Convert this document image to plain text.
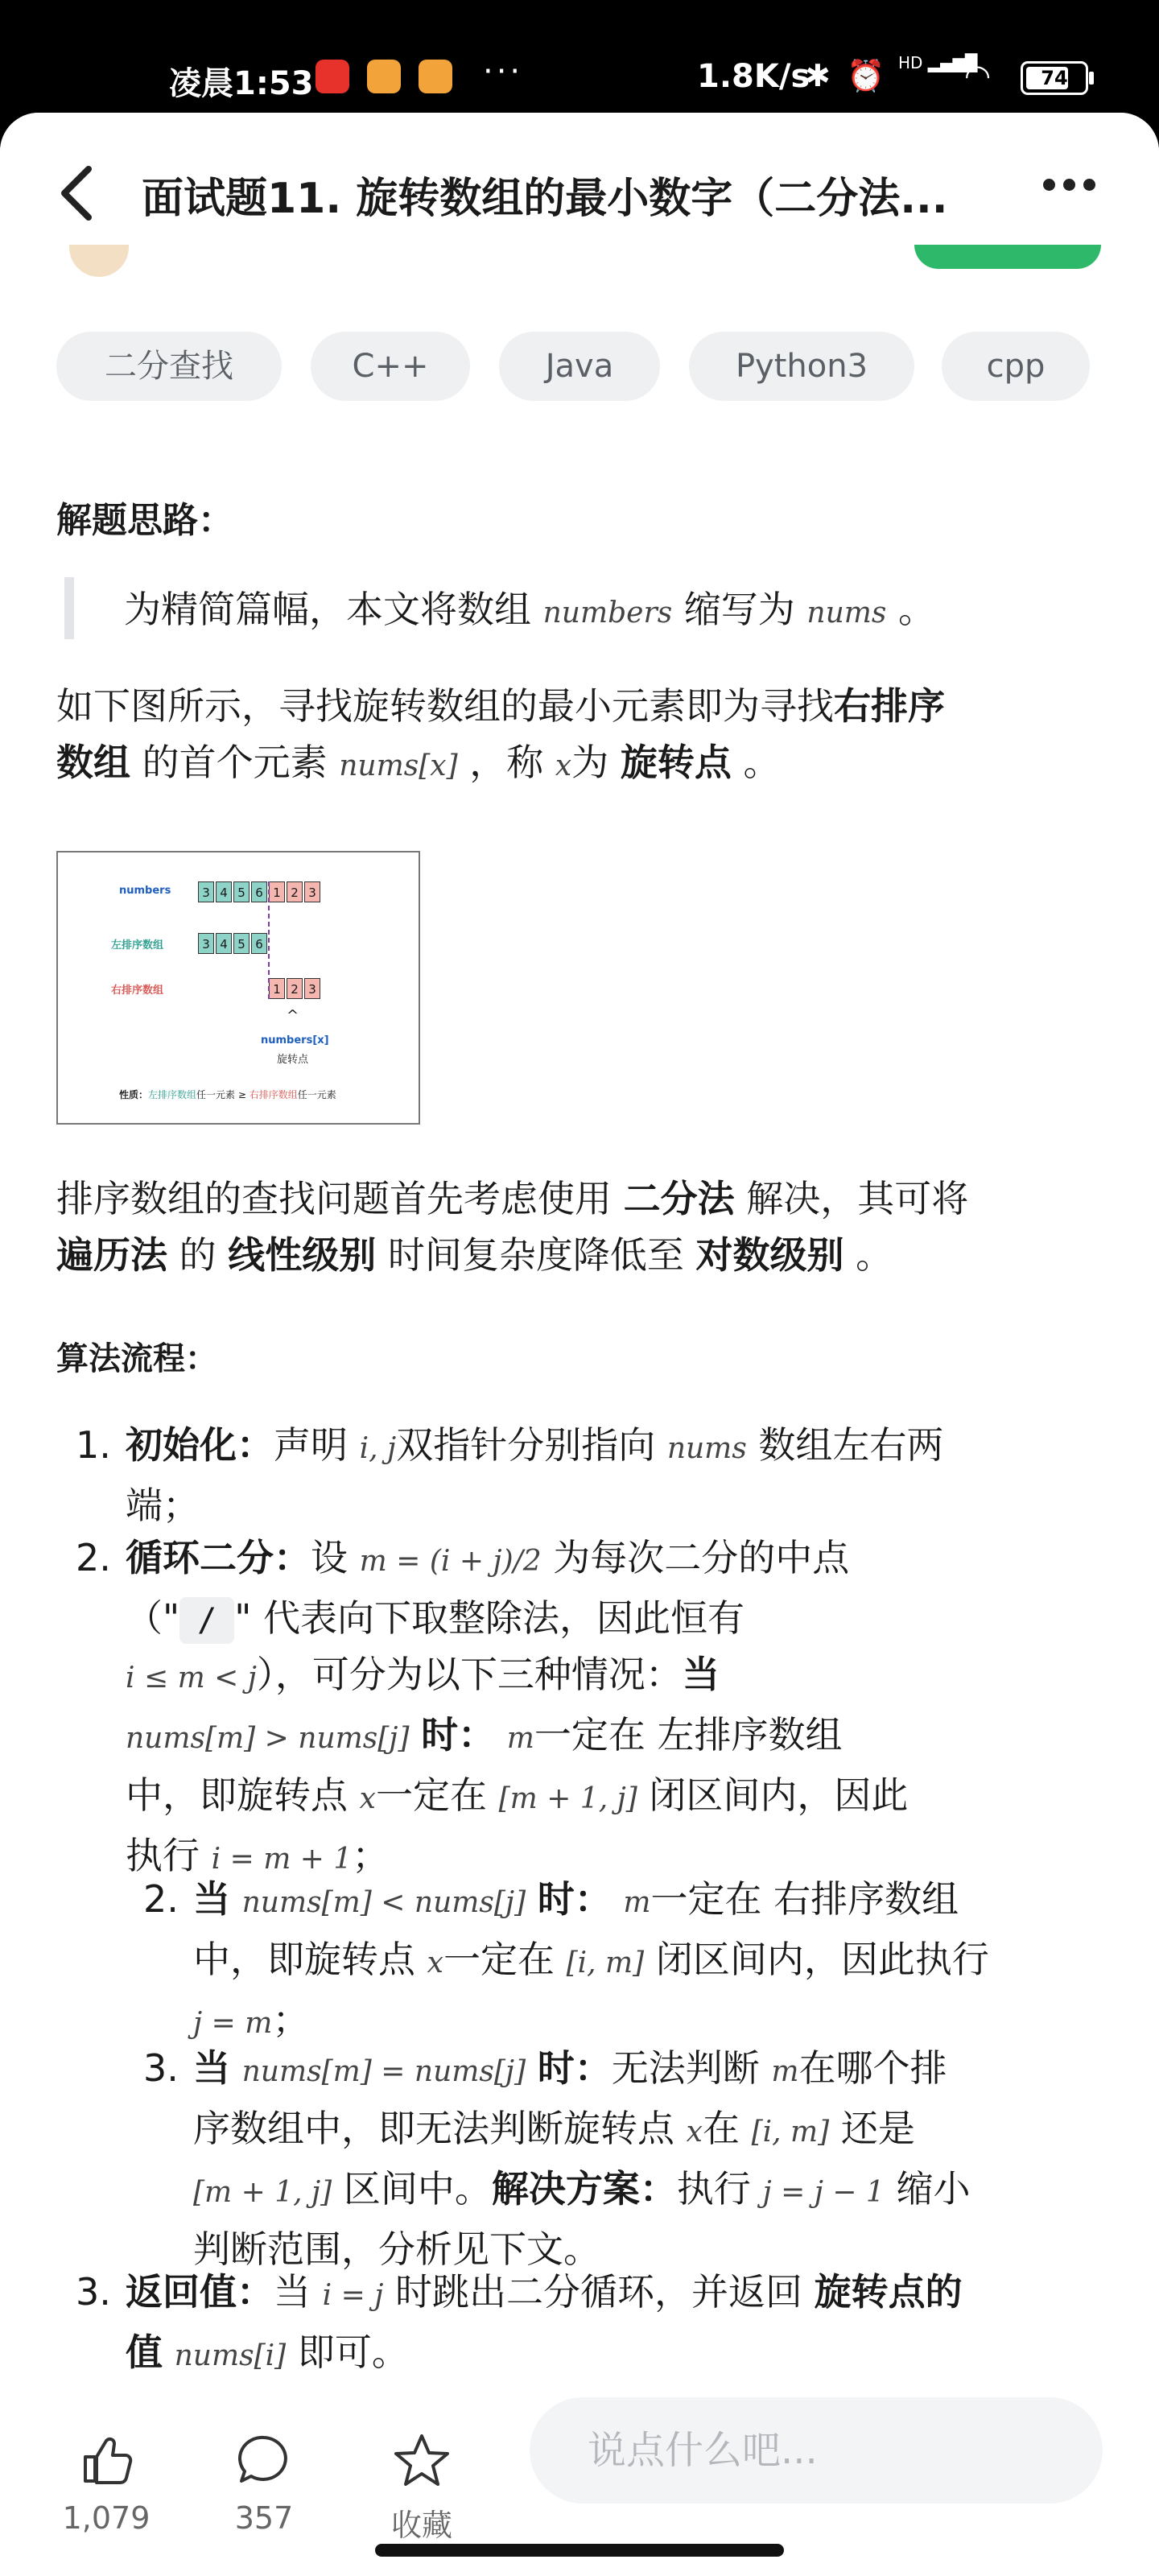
凌晨1:53	···	1.8K/s
✱ ⏰ HD ▂▄▆█
◠	74
面试题11. 旋转数组的最小数字（二分法...
二分查找	C++	Java	Python3	cpp
解题思路：
为精简篇幅，本文将数组 numbers 缩写为 nums 。
如下图所示，寻找旋转数组的最小元素即为寻找右排序
数组 的首个元素 nums[x] ，称 x为 旋转点 。
numbers
左排序数组
右排序数组
3 4 5 6 1 2 3
3 4 5 6
1 2 3
^
numbers[x]
旋转点
性质：左排序数组任一元素 ≥ 右排序数组任一元素
排序数组的查找问题首先考虑使用 二分法 解决，其可将
遍历法 的 线性级别 时间复杂度降低至 对数级别 。
算法流程：
1. 初始化：声明 i, j双指针分别指向 nums 数组左右两
端；
2. 循环二分：设 m = (i + j)/2 为每次二分的中点
（" / " 代表向下取整除法，因此恒有
i ≤ m < j），可分为以下三种情况：当
nums[m] > nums[j] 时： m一定在 左排序数组
中，即旋转点 x一定在 [m + 1, j] 闭区间内，因此
执行 i = m + 1；
2. 当 nums[m] < nums[j] 时： m一定在 右排序数组
中，即旋转点 x一定在 [i, m] 闭区间内，因此执行
j = m；
3. 当 nums[m] = nums[j] 时：无法判断 m在哪个排
序数组中，即无法判断旋转点 x在 [i, m] 还是
[m + 1, j] 区间中。解决方案：执行 j = j − 1 缩小
判断范围，分析见下文。
3. 返回值：当 i = j 时跳出二分循环，并返回 旋转点的
值 nums[i] 即可。
1,079	357	收藏
说点什么吧...
